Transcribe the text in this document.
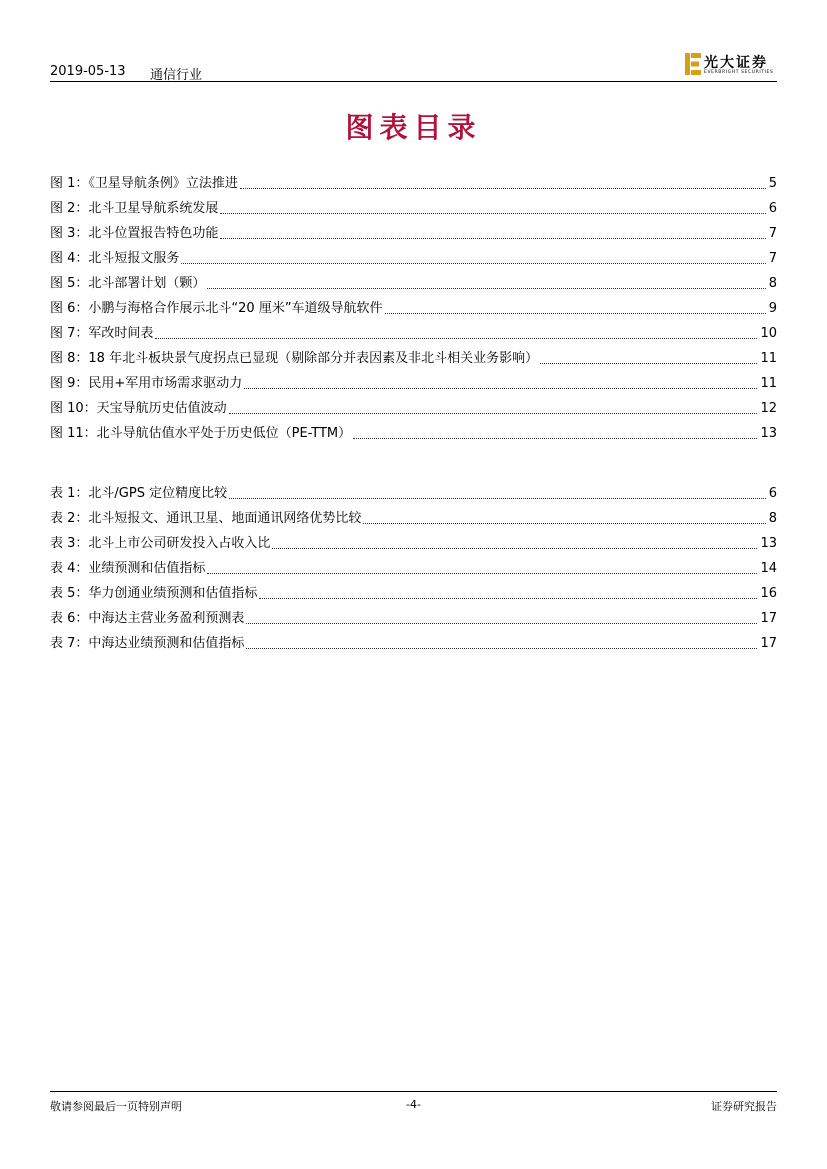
2019-05-13 通信行业
光大证券
EVERBRIGHT SECURITIES
图表目录
图 1：《卫星导航条例》立法推进	5
图 2：北斗卫星导航系统发展	6
图 3：北斗位置报告特色功能	7
图 4：北斗短报文服务	7
图 5：北斗部署计划（颗）	8
图 6：小鹏与海格合作展示北斗“20 厘米”车道级导航软件	9
图 7：军改时间表	10
图 8：18 年北斗板块景气度拐点已显现（剔除部分并表因素及非北斗相关业务影响）	11
图 9：民用+军用市场需求驱动力	11
图 10：天宝导航历史估值波动	12
图 11：北斗导航估值水平处于历史低位（PE-TTM）	13
表 1：北斗/GPS 定位精度比较	6
表 2：北斗短报文、通讯卫星、地面通讯网络优势比较	8
表 3：北斗上市公司研发投入占收入比	13
表 4：业绩预测和估值指标	14
表 5：华力创通业绩预测和估值指标	16
表 6：中海达主营业务盈利预测表	17
表 7：中海达业绩预测和估值指标	17
敬请参阅最后一页特别声明	-4-	证券研究报告
